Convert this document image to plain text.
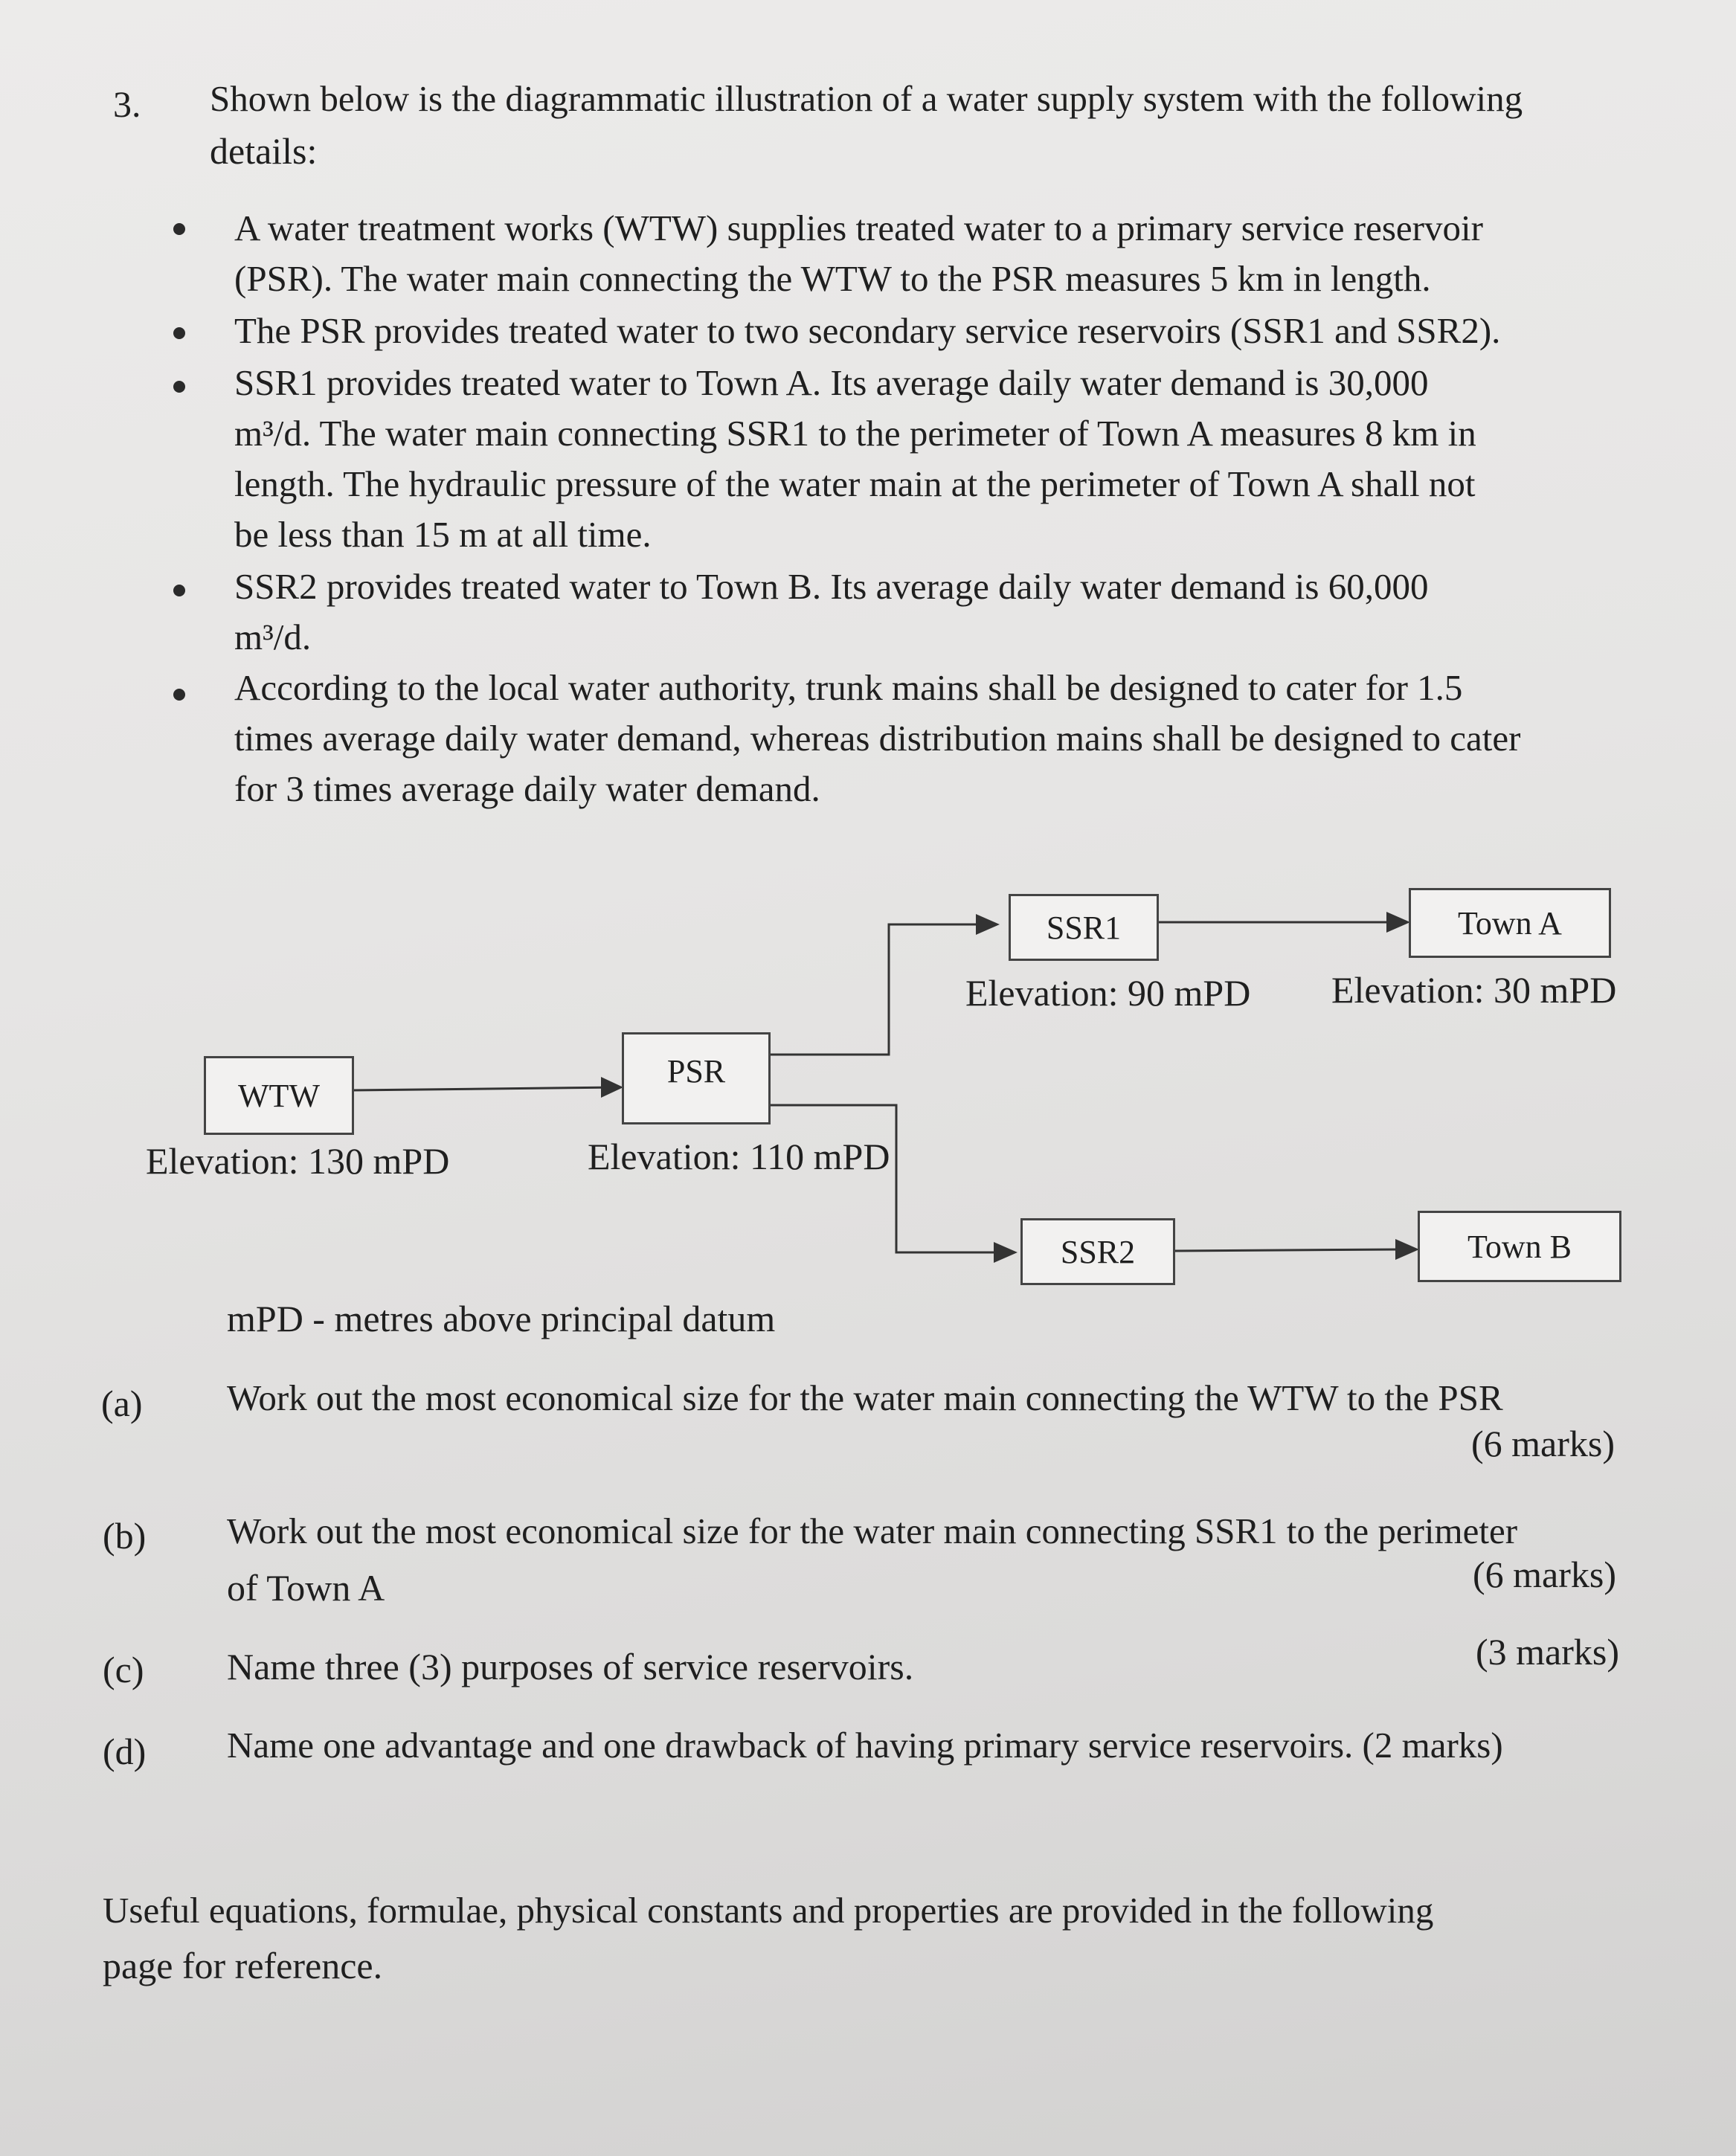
3. Shown below is the diagrammatic illustration of a water supply system with the following
details:
A water treatment works (WTW) supplies treated water to a primary service reservoir
(PSR). The water main connecting the WTW to the PSR measures 5 km in length.
The PSR provides treated water to two secondary service reservoirs (SSR1 and SSR2).
SSR1 provides treated water to Town A. Its average daily water demand is 30,000
m³/d. The water main connecting SSR1 to the perimeter of Town A measures 8 km in
length. The hydraulic pressure of the water main at the perimeter of Town A shall not
be less than 15 m at all time.
SSR2 provides treated water to Town B. Its average daily water demand is 60,000
m³/d.
According to the local water authority, trunk mains shall be designed to cater for 1.5
times average daily water demand, whereas distribution mains shall be designed to cater
for 3 times average daily water demand.
WTW
PSR
SSR1	Town A
SSR2	Town B
Elevation: 130 mPD	Elevation: 110 mPD
Elevation: 90 mPD Elevation: 30 mPD
mPD - metres above principal datum
(a) Work out the most economical size for the water main connecting the WTW to the PSR
(6 marks)
(b) Work out the most economical size for the water main connecting SSR1 to the perimeter
of Town A	(6 marks)
(c) Name three (3) purposes of service reservoirs.	(3 marks)
(d) Name one advantage and one drawback of having primary service reservoirs. (2 marks)
Useful equations, formulae, physical constants and properties are provided in the following
page for reference.
